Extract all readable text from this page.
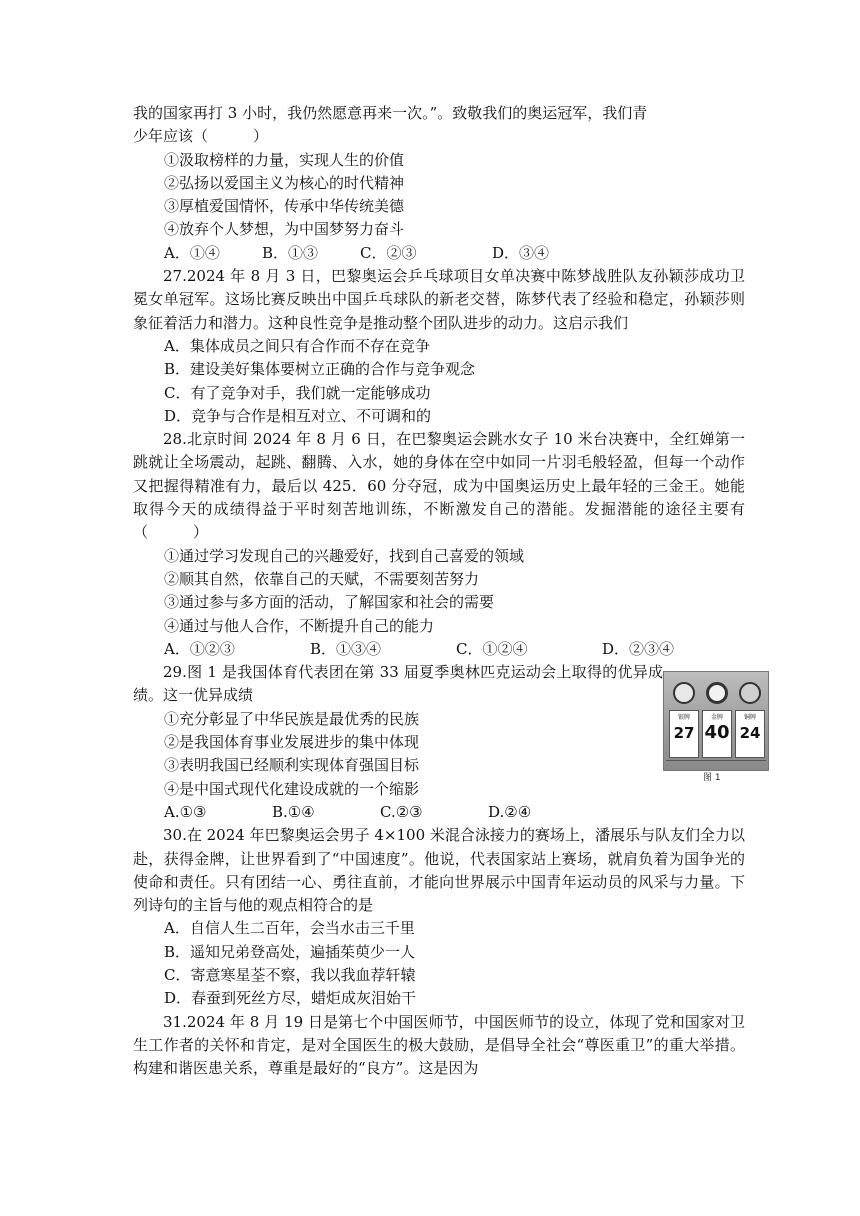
我的国家再打 3 小时，我仍然愿意再来一次。”。致敬我们的奥运冠军，我们青

少年应该（　　　）

①汲取榜样的力量，实现人生的价值

②弘扬以爱国主义为核心的时代精神

③厚植爱国情怀，传承中华传统美德

④放弃个人梦想，为中国梦努力奋斗

A．①④	B．①③	C．②③	D．③④

27.2024 年 8 月 3 日，巴黎奥运会乒乓球项目女单决赛中陈梦战胜队友孙颖莎成功卫冕女单冠军。这场比赛反映出中国乒乓球队的新老交替，陈梦代表了经验和稳定，孙颖莎则象征着活力和潜力。这种良性竞争是推动整个团队进步的动力。这启示我们

A．集体成员之间只有合作而不存在竞争

B．建设美好集体要树立正确的合作与竞争观念

C．有了竞争对手，我们就一定能够成功

D．竞争与合作是相互对立、不可调和的

28.北京时间 2024 年 8 月 6 日，在巴黎奥运会跳水女子 10 米台决赛中，全红婵第一跳就让全场震动，起跳、翻腾、入水，她的身体在空中如同一片羽毛般轻盈，但每一个动作又把握得精准有力，最后以 425．60 分夺冠，成为中国奥运历史上最年轻的三金王。她能取得今天的成绩得益于平时刻苦地训练，不断激发自己的潜能。发掘潜能的途径主要有（　　　）

①通过学习发现自己的兴趣爱好，找到自己喜爱的领域

②顺其自然，依靠自己的天赋，不需要刻苦努力

③通过参与多方面的活动，了解国家和社会的需要

④通过与他人合作，不断提升自己的能力

A．①②③	B．①③④	C．①②④	D．②③④

29.图 1 是我国体育代表团在第 33 届夏季奥林匹克运动会上取得的优异成绩。这一优异成绩

①充分彰显了中华民族是最优秀的民族

②是我国体育事业发展进步的集中体现

③表明我国已经顺利实现体育强国目标

④是中国式现代化建设成就的一个缩影

A.①③	B.①④	C.②③	D.②④

30.在 2024 年巴黎奥运会男子 4×100 米混合泳接力的赛场上，潘展乐与队友们全力以赴，获得金牌，让世界看到了“中国速度”。他说，代表国家站上赛场，就肩负着为国争光的使命和责任。只有团结一心、勇往直前，才能向世界展示中国青年运动员的风采与力量。下列诗句的主旨与他的观点相符合的是

A．自信人生二百年，会当水击三千里

B．遥知兄弟登高处，遍插茱萸少一人

C．寄意寒星荃不察，我以我血荐轩辕

D．春蚕到死丝方尽，蜡炬成灰泪始干

31.2024 年 8 月 19 日是第七个中国医师节，中国医师节的设立，体现了党和国家对卫生工作者的关怀和肯定，是对全国医生的极大鼓励，是倡导全社会“尊医重卫”的重大举措。构建和谐医患关系，尊重是最好的“良方”。这是因为

银牌
27
金牌
40
铜牌
24
图 1
